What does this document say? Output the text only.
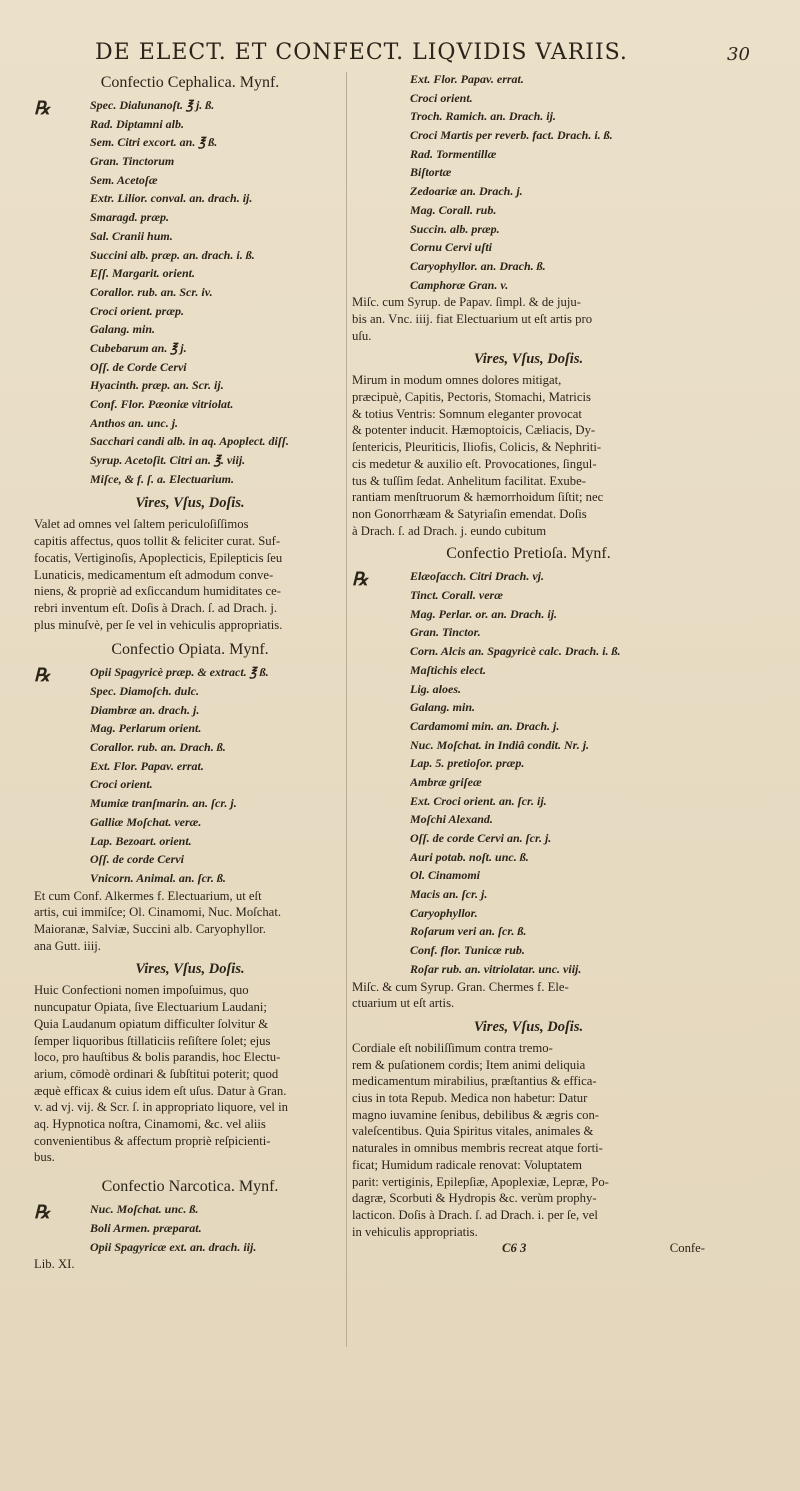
DE ELECT. ET CONFECT. LIQVIDIS VARIIS.	30
Confectio Cephalica. Mynf.
℞	Spec. Dialunanoſt. ℥ j. ß.
Rad. Diptamni alb.
Sem. Citri excort. an. ℥ ß.
Gran. Tinctorum
Sem. Acetoſæ
Extr. Lilior. conval. an. drach. ij.
Smaragd. præp.
Sal. Cranii hum.
Succini alb. præp. an. drach. i. ß.
Eſſ. Margarit. orient.
Corallor. rub. an. Scr. iv.
Croci orient. præp.
Galang. min.
Cubebarum an. ℥ j.
Oſſ. de Corde Cervi
Hyacinth. præp. an. Scr. ij.
Conf. Flor. Pæoniæ vitriolat.
Anthos an. unc. j.
Sacchari candi alb. in aq. Apoplect. diſſ.
Syrup. Acetoſit. Citri an. ℥. viij.
Miſce, & f. ſ. a. Electuarium.
Vires, Vſus, Doſis.
Valet ad omnes vel ſaltem periculoſiſſimos
capitis affectus, quos tollit & feliciter curat. Suf-
focatis, Vertiginoſis, Apoplecticis, Epilepticis ſeu
Lunaticis, medicamentum eſt admodum conve-
niens, & propriè ad exſiccandum humiditates ce-
rebri inventum eſt. Doſis à Drach. ſ. ad Drach. j.
plus minuſvè, per ſe vel in vehiculis appropriatis.
Confectio Opiata. Mynf.
℞	Opii Spagyricè præp. & extract. ℥ ß.
Spec. Diamoſch. dulc.
Diambræ an. drach. j.
Mag. Perlarum orient.
Corallor. rub. an. Drach. ß.
Ext. Flor. Papav. errat.
Croci orient.
Mumiæ tranſmarin. an. ſcr. j.
Galliæ Moſchat. veræ.
Lap. Bezoart. orient.
Oſſ. de corde Cervi
Vnicorn. Animal. an. ſcr. ß.
Et cum Conf. Alkermes f. Electuarium, ut eſt
artis, cui immiſce; Ol. Cinamomi, Nuc. Moſchat.
Maioranæ, Salviæ, Succini alb. Caryophyllor.
ana Gutt. iiij.
Vires, Vſus, Doſis.
Huic Confectioni nomen impoſuimus, quo
nuncupatur Opiata, ſive Electuarium Laudani;
Quia Laudanum opiatum difficulter ſolvitur &
ſemper liquoribus ſtillaticiis reſiſtere ſolet; ejus
loco, pro hauſtibus & bolis parandis, hoc Electu-
arium, cōmodè ordinari & ſubſtitui poterit; quod
æquè efficax & cuius idem eſt uſus. Datur à Gran.
v. ad vj. vij. & Scr. ſ. in appropriato liquore, vel in
aq. Hypnotica noſtra, Cinamomi, &c. vel aliis
convenientibus & affectum propriè reſpicienti-
bus.
Confectio Narcotica. Mynf.
℞	Nuc. Moſchat. unc. ß.
Boli Armen. præparat.
Opii Spagyricæ ext. an. drach. iij.
Lib. XI.
Ext. Flor. Papav. errat.
Croci orient.
Troch. Ramich. an. Drach. ij.
Croci Martis per reverb. fact. Drach. i. ß.
Rad. Tormentillæ
Biſtortæ
Zedoariæ an. Drach. j.
Mag. Corall. rub.
Succin. alb. præp.
Cornu Cervi uſti
Caryophyllor. an. Drach. ß.
Camphoræ Gran. v.
Miſc. cum Syrup. de Papav. ſimpl. & de juju-
bis an. Vnc. iiij. fiat Electuarium ut eſt artis pro
uſu.
Vires, Vſus, Doſis.
Mirum in modum omnes dolores mitigat,
præcipuè, Capitis, Pectoris, Stomachi, Matricis
& totius Ventris: Somnum eleganter provocat
& potenter inducit. Hæmoptoicis, Cæliacis, Dy-
ſentericis, Pleuriticis, Iliofis, Colicis, & Nephriti-
cis medetur & auxilio eſt. Provocationes, ſingul-
tus & tuſſim ſedat. Anhelitum facilitat. Exube-
rantiam menſtruorum & hæmorrhoidum ſiſtit; nec
non Gonorrhæam & Satyriaſin emendat. Doſis
à Drach. ſ. ad Drach. j. eundo cubitum
Confectio Pretioſa. Mynf.
℞	Elæoſacch. Citri Drach. vj.
Tinct. Corall. veræ
Mag. Perlar. or. an. Drach. ij.
Gran. Tinctor.
Corn. Alcis an. Spagyricè calc. Drach. i. ß.
Maſtichis elect.
Lig. aloes.
Galang. min.
Cardamomi min. an. Drach. j.
Nuc. Moſchat. in Indiâ condit. Nr. j.
Lap. 5. pretioſor. præp.
Ambræ griſeæ
Ext. Croci orient. an. ſcr. ij.
Moſchi Alexand.
Oſſ. de corde Cervi an. ſcr. j.
Auri potab. noſt. unc. ß.
Ol. Cinamomi
Macis an. ſcr. j.
Caryophyllor.
Roſarum veri an. ſcr. ß.
Conf. flor. Tunicæ rub.
Roſar rub. an. vitriolatar. unc. viij.
Miſc. & cum Syrup. Gran. Chermes f. Ele-
ctuarium ut eſt artis.
Vires, Vſus, Doſis.
Cordiale eſt nobiliſſimum contra tremo-
rem & puſationem cordis; Item animi deliquia
medicamentum mirabilius, præſtantius & effica-
cius in tota Repub. Medica non habetur: Datur
magno iuvamine ſenibus, debilibus & ægris con-
valeſcentibus. Quia Spiritus vitales, animales &
naturales in omnibus membris recreat atque forti-
ficat; Humidum radicale renovat: Voluptatem
parit: vertiginis, Epilepſiæ, Apoplexiæ, Lepræ, Po-
dagræ, Scorbuti & Hydropis &c. verùm prophy-
lacticon. Doſis à Drach. ſ. ad Drach. i. per ſe, vel
in vehiculis appropriatis.
C6 3	Confe-
